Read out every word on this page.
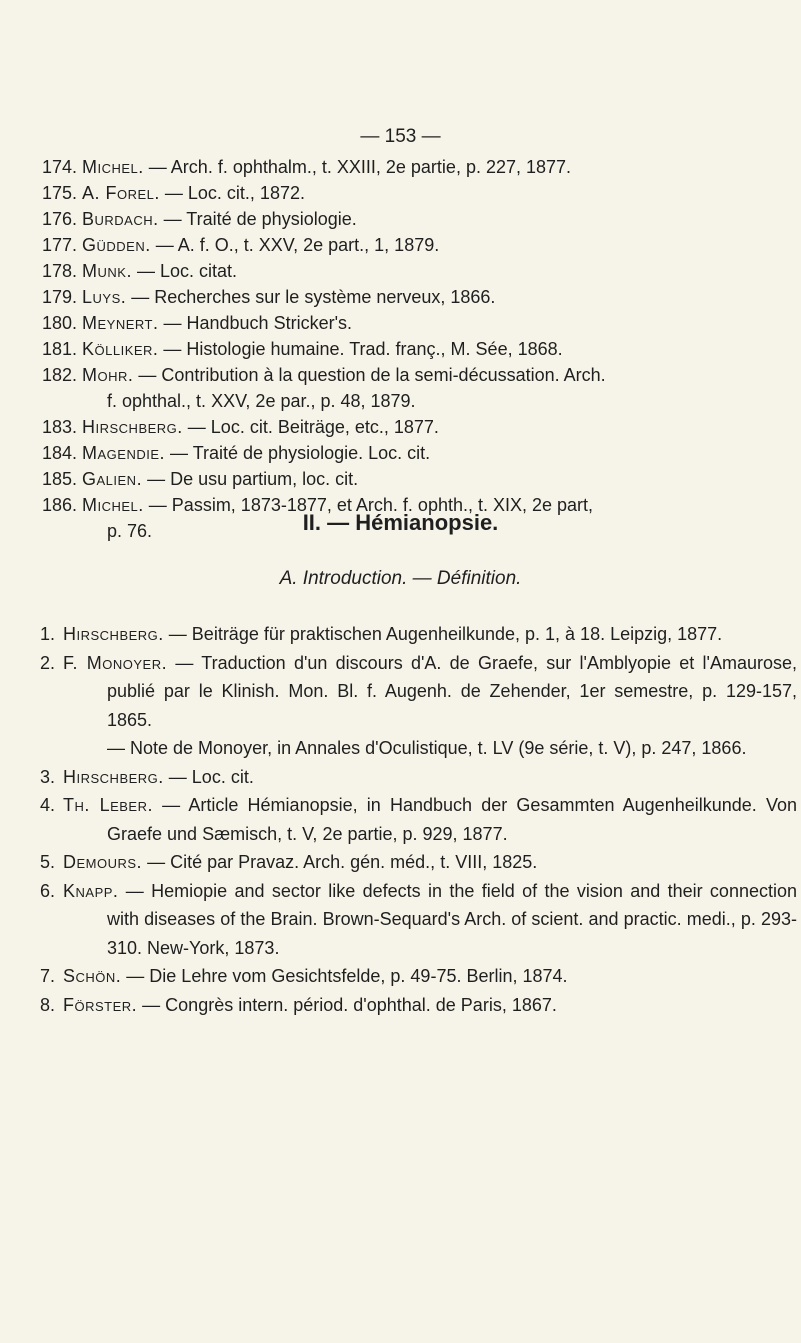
— 153 —
174. Michel. — Arch. f. ophthalm., t. XXIII, 2e partie, p. 227, 1877.
175. A. Forel. — Loc. cit., 1872.
176. Burdach. — Traité de physiologie.
177. Güdden. — A. f. O., t. XXV, 2e part., 1, 1879.
178. Munk. — Loc. citat.
179. Luys. — Recherches sur le système nerveux, 1866.
180. Meynert. — Handbuch Stricker's.
181. Kölliker. — Histologie humaine. Trad. franç., M. Sée, 1868.
182. Mohr. — Contribution à la question de la semi-décussation. Arch.
f. ophthal., t. XXV, 2e par., p. 48, 1879.
183. Hirschberg. — Loc. cit. Beiträge, etc., 1877.
184. Magendie. — Traité de physiologie. Loc. cit.
185. Galien. — De usu partium, loc. cit.
186. Michel. — Passim, 1873-1877, et Arch. f. ophth., t. XIX, 2e part,
p. 76.	II. — Hémianopsie.
A. Introduction. — Définition.
1. Hirschberg. — Beiträge für praktischen Augenheilkunde, p. 1, à 18. Leipzig, 1877.
2. F. Monoyer. — Traduction d'un discours d'A. de Graefe, sur l'Amblyopie et l'Amaurose, publié par le Klinish. Mon. Bl. f. Augenh. de Zehender, 1er semestre, p. 129-157, 1865.
— Note de Monoyer, in Annales d'Oculistique, t. LV (9e série, t. V), p. 247, 1866.
3. Hirschberg. — Loc. cit.
4. Th. Leber. — Article Hémianopsie, in Handbuch der Gesammten Augenheilkunde. Von Graefe und Sæmisch, t. V, 2e partie, p. 929, 1877.
5. Demours. — Cité par Pravaz. Arch. gén. méd., t. VIII, 1825.
6. Knapp. — Hemiopie and sector like defects in the field of the vision and their connection with diseases of the Brain. Brown-Sequard's Arch. of scient. and practic. medi., p. 293-310. New-York, 1873.
7. Schön. — Die Lehre vom Gesichtsfelde, p. 49-75. Berlin, 1874.
8. Förster. — Congrès intern. périod. d'ophthal. de Paris, 1867.
